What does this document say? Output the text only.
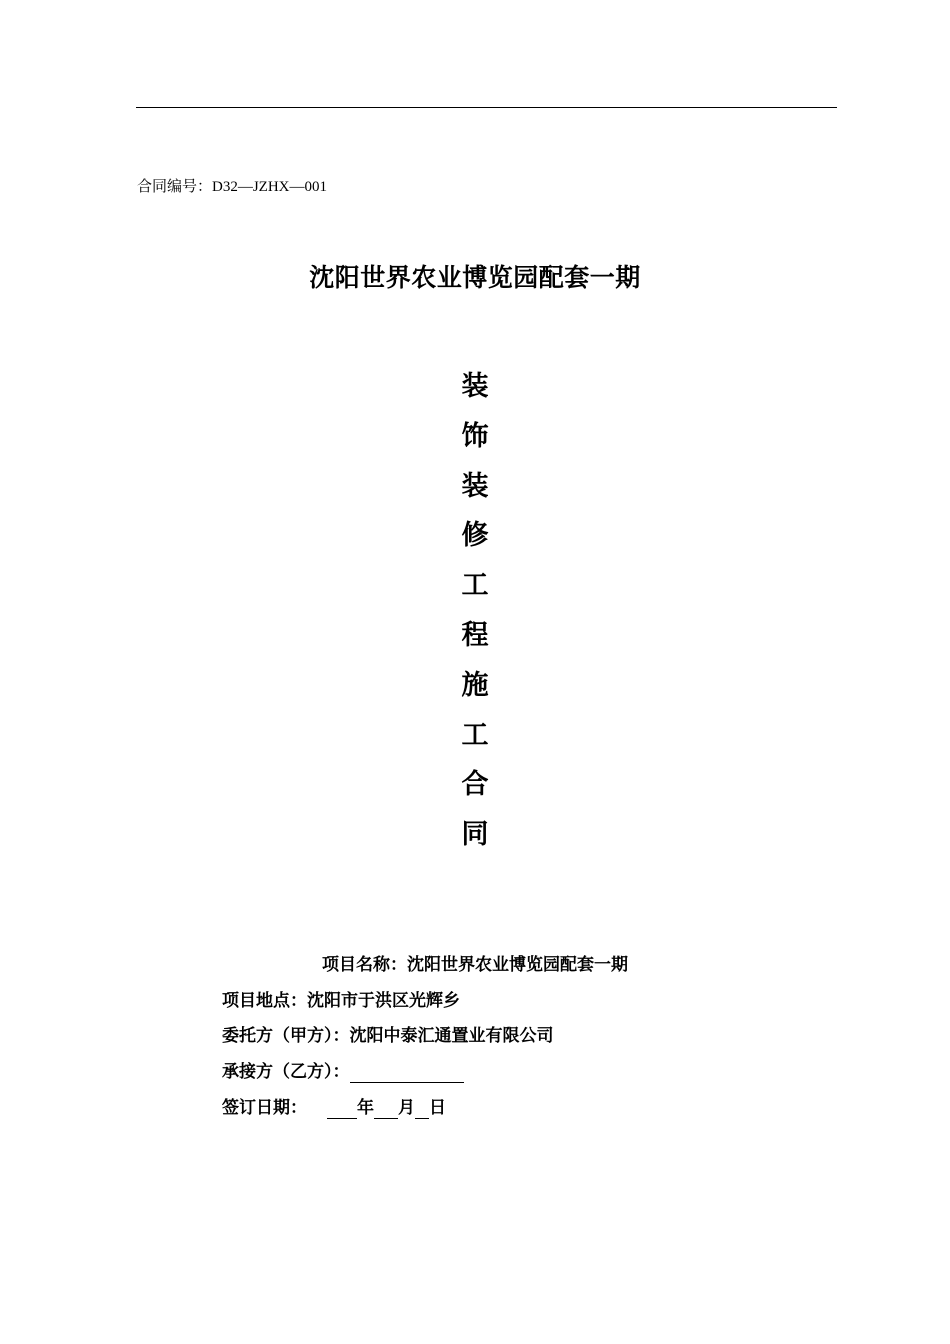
合同编号：D32—JZHX—001
沈阳世界农业博览园配套一期
装
饰
装
修
工
程
施
工
合
同
项目名称：沈阳世界农业博览园配套一期
项目地点：沈阳市于洪区光辉乡
委托方（甲方）：沈阳中泰汇通置业有限公司
承接方（乙方）：
签订日期：	年 月 日
